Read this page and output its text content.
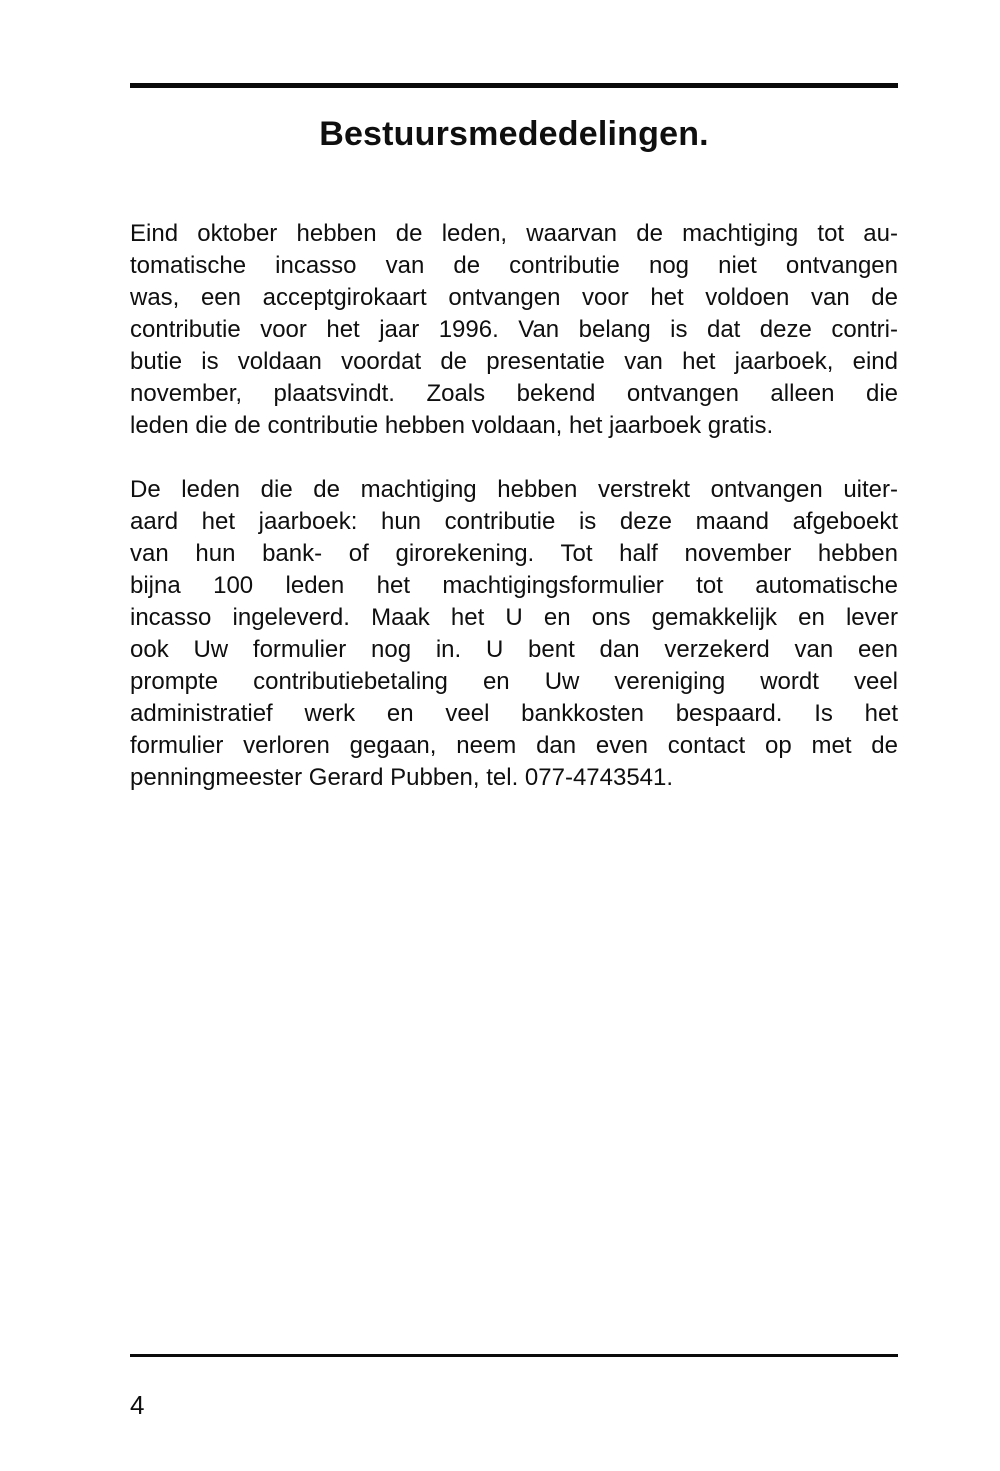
Bestuursmededelingen.
Eind oktober hebben de leden, waarvan de machtiging tot au-
tomatische incasso van de contributie nog niet ontvangen
was, een acceptgirokaart ontvangen voor het voldoen van de
contributie voor het jaar 1996. Van belang is dat deze contri-
butie is voldaan voordat de presentatie van het jaarboek, eind
november, plaatsvindt. Zoals bekend ontvangen alleen die
leden die de contributie hebben voldaan, het jaarboek gratis.
De leden die de machtiging hebben verstrekt ontvangen uiter-
aard het jaarboek: hun contributie is deze maand afgeboekt
van hun bank- of girorekening. Tot half november hebben
bijna 100 leden het machtigingsformulier tot automatische
incasso ingeleverd. Maak het U en ons gemakkelijk en lever
ook Uw formulier nog in. U bent dan verzekerd van een
prompte contributiebetaling en Uw vereniging wordt veel
administratief werk en veel bankkosten bespaard. Is het
formulier verloren gegaan, neem dan even contact op met de
penningmeester Gerard Pubben, tel. 077-4743541.
4
